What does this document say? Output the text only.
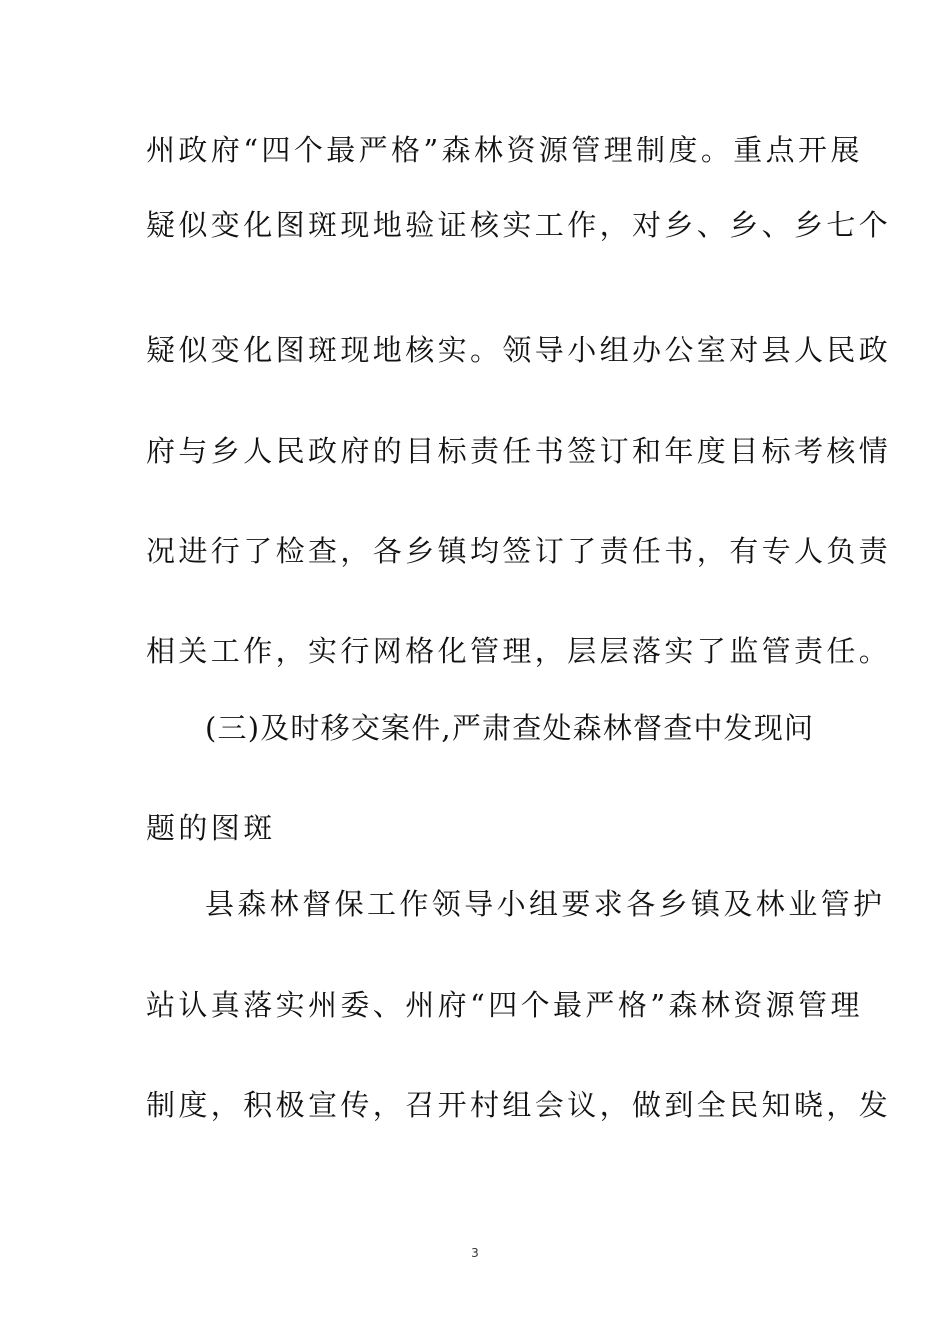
州政府“四个最严格”森林资源管理制度。重点开展
疑似变化图斑现地验证核实工作，对乡、乡、乡七个
疑似变化图斑现地核实。领导小组办公室对县人民政
府与乡人民政府的目标责任书签订和年度目标考核情
况进行了检查，各乡镇均签订了责任书，有专人负责
相关工作，实行网格化管理，层层落实了监管责任。
(三)及时移交案件,严肃查处森林督查中发现问
题的图斑
县森林督保工作领导小组要求各乡镇及林业管护
站认真落实州委、州府“四个最严格”森林资源管理
制度，积极宣传，召开村组会议，做到全民知晓，发
3
